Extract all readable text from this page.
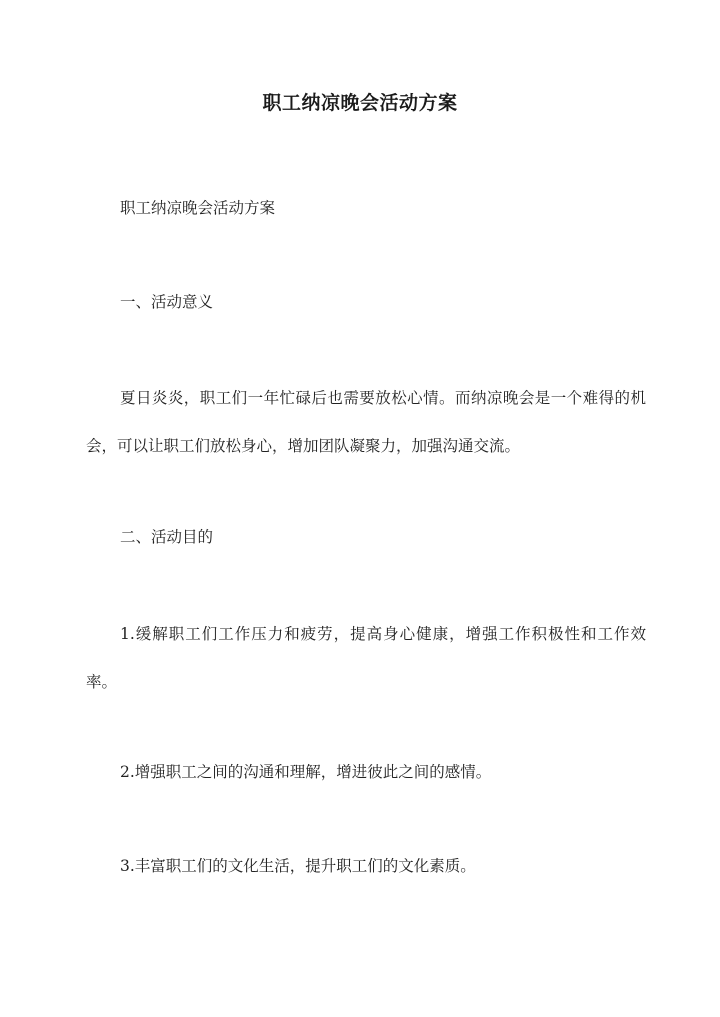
职工纳凉晚会活动方案
职工纳凉晚会活动方案
一、活动意义
夏日炎炎，职工们一年忙碌后也需要放松心情。而纳凉晚会是一个难得的机会，可以让职工们放松身心，增加团队凝聚力，加强沟通交流。
二、活动目的
1.缓解职工们工作压力和疲劳，提高身心健康，增强工作积极性和工作效率。
2.增强职工之间的沟通和理解，增进彼此之间的感情。
3.丰富职工们的文化生活，提升职工们的文化素质。
